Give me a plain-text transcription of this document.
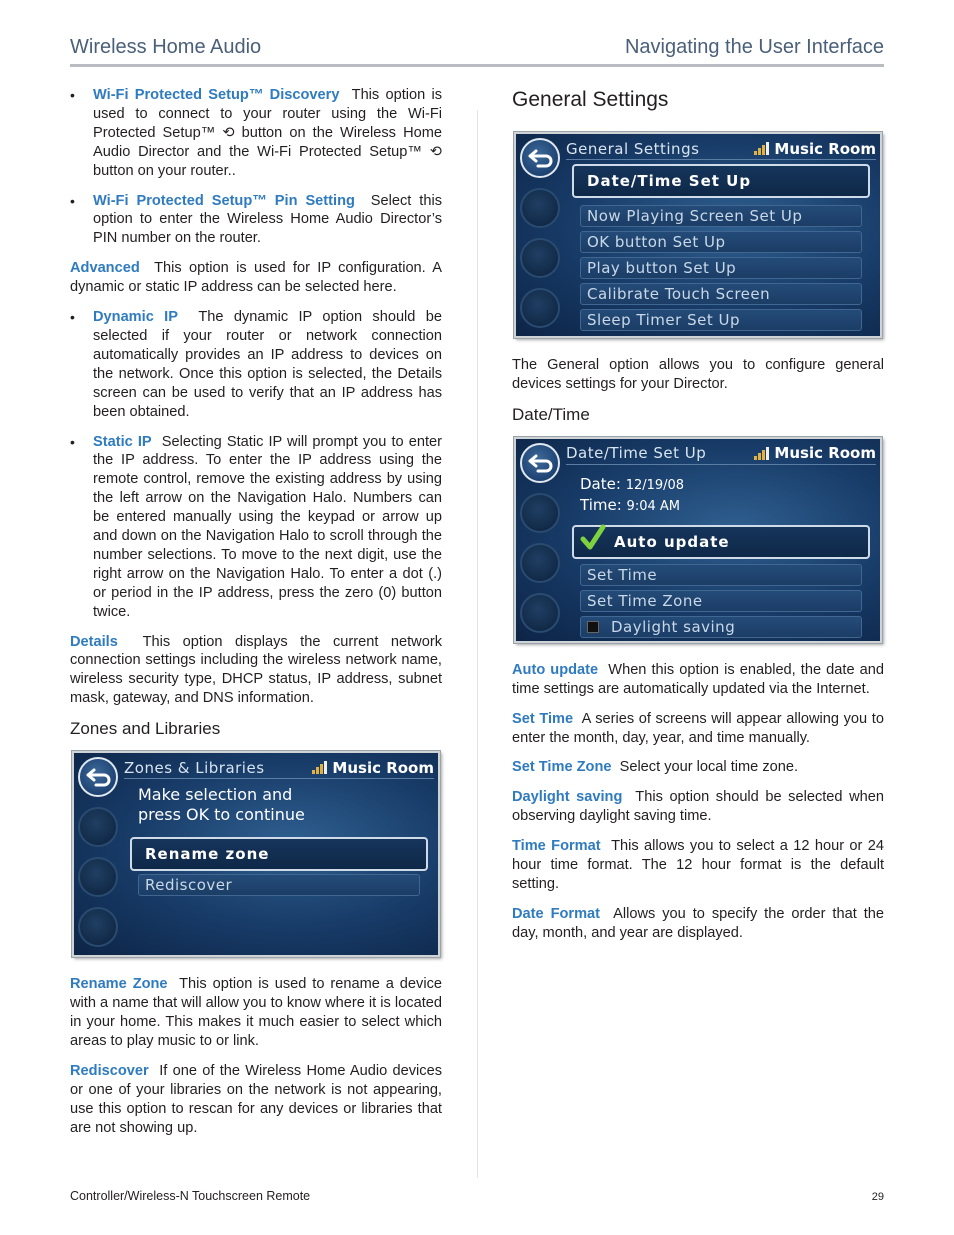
Wireless Home Audio	Navigating the User Interface
• Wi-Fi Protected Setup™ Discovery This option is used to connect to your router using the Wi-Fi Protected Setup™ ⟲ button on the Wireless Home Audio Director and the Wi-Fi Protected Setup™ ⟲ button on your router..
• Wi-Fi Protected Setup™ Pin Setting Select this option to enter the Wireless Home Audio Director’s PIN number on the router.

Advanced This option is used for IP configuration. A dynamic or static IP address can be selected here.

• Dynamic IP The dynamic IP option should be selected if your router or network connection automatically provides an IP address to devices on the network. Once this option is selected, the Details screen can be used to verify that an IP address has been obtained.
• Static IP Selecting Static IP will prompt you to enter the IP address. To enter the IP address using the remote control, remove the existing address by using the left arrow on the Navigation Halo. Numbers can be entered manually using the keypad or arrow up and down on the Navigation Halo to scroll through the number selections. To move to the next digit, use the right arrow on the Navigation Halo. To enter a dot (.) or period in the IP address, press the zero (0) button twice.

Details This option displays the current network connection settings including the wireless network name, wireless security type, DHCP status, IP address, subnet mask, gateway, and DNS information.

Zones and Libraries
Zones & Libraries	Music Room
Make selection and
press OK to continue
Rename zone
Rediscover

Rename Zone This option is used to rename a device with a name that will allow you to know where it is located in your home. This makes it much easier to select which areas to play music to or link.

Rediscover If one of the Wireless Home Audio devices or one of your libraries on the network is not appearing, use this option to rescan for any devices or libraries that are not showing up.

General Settings
General Settings	Music Room
Date/Time Set Up
Now Playing Screen Set Up
OK button Set Up
Play button Set Up
Calibrate Touch Screen
Sleep Timer Set Up

The General option allows you to configure general devices settings for your Director.

Date/Time
Date/Time Set Up	Music Room
Date: 12/19/08
Time: 9:04 AM
Auto update
Set Time
Set Time Zone
Daylight saving

Auto update When this option is enabled, the date and time settings are automatically updated via the Internet.

Set Time A series of screens will appear allowing you to enter the month, day, year, and time manually.

Set Time Zone Select your local time zone.

Daylight saving This option should be selected when observing daylight saving time.

Time Format This allows you to select a 12 hour or 24 hour time format. The 12 hour format is the default setting.

Date Format Allows you to specify the order that the day, month, and year are displayed.

Controller/Wireless-N Touchscreen Remote	29
